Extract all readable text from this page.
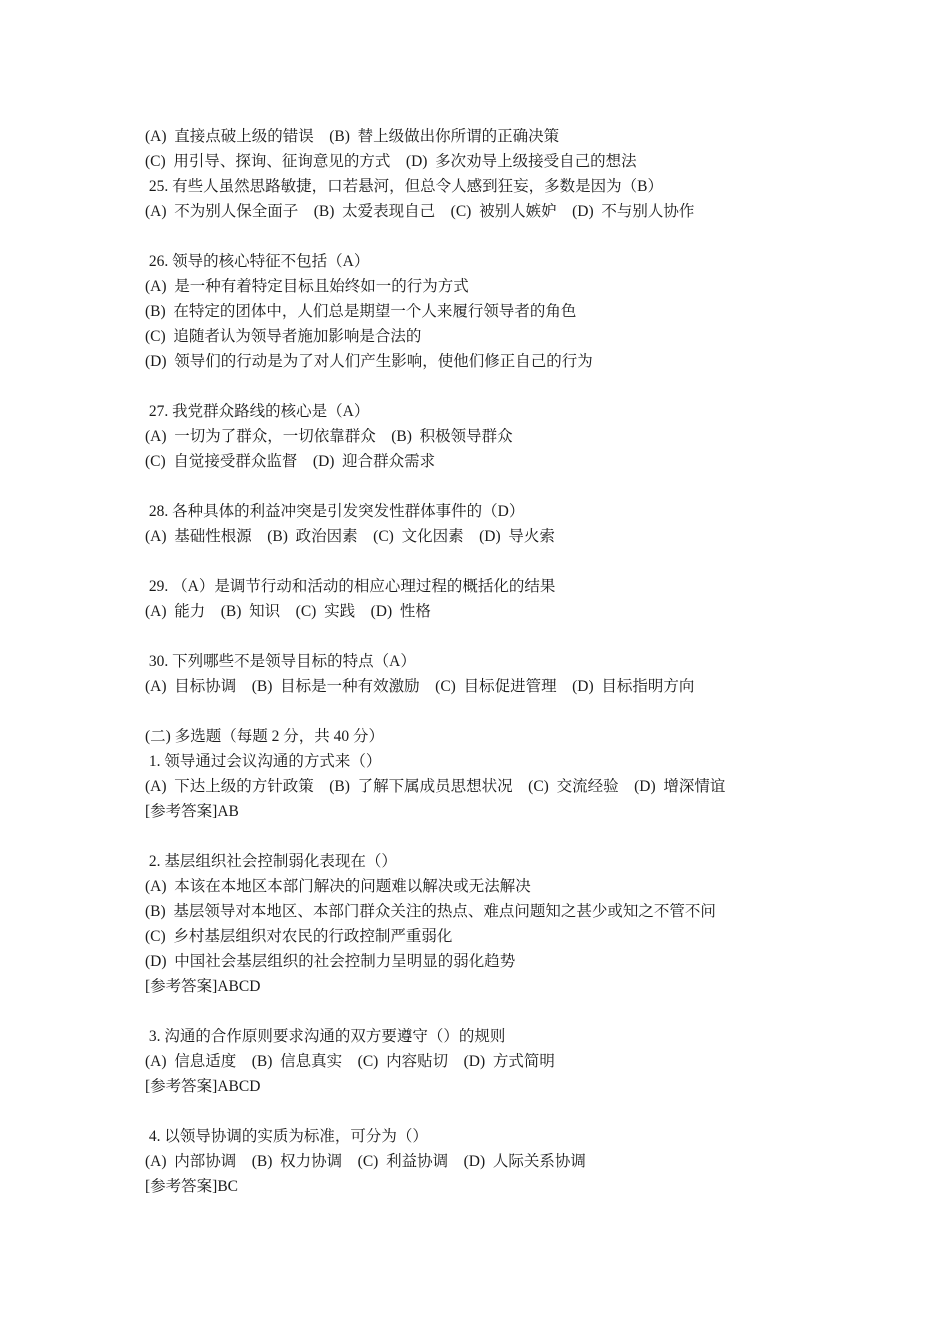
(A)  直接点破上级的错误    (B)  替上级做出你所谓的正确决策
(C)  用引导、探询、征询意见的方式    (D)  多次劝导上级接受自己的想法
25. 有些人虽然思路敏捷，口若悬河，但总令人感到狂妄，多数是因为（B）
(A)  不为别人保全面子    (B)  太爱表现自己    (C)  被别人嫉妒    (D)  不与别人协作
26. 领导的核心特征不包括（A）
(A)  是一种有着特定目标且始终如一的行为方式
(B)  在特定的团体中，人们总是期望一个人来履行领导者的角色
(C)  追随者认为领导者施加影响是合法的
(D)  领导们的行动是为了对人们产生影响，使他们修正自己的行为
27. 我党群众路线的核心是（A）
(A)  一切为了群众，一切依靠群众    (B)  积极领导群众
(C)  自觉接受群众监督    (D)  迎合群众需求
28. 各种具体的利益冲突是引发突发性群体事件的（D）
(A)  基础性根源    (B)  政治因素    (C)  文化因素    (D)  导火索
29. （A）是调节行动和活动的相应心理过程的概括化的结果
(A)  能力    (B)  知识    (C)  实践    (D)  性格
30. 下列哪些不是领导目标的特点（A）
(A)  目标协调    (B)  目标是一种有效激励    (C)  目标促进管理    (D)  目标指明方向
(二) 多选题（每题 2 分，共 40 分）
1. 领导通过会议沟通的方式来（）
(A)  下达上级的方针政策    (B)  了解下属成员思想状况    (C)  交流经验    (D)  增深情谊
[参考答案]AB
2. 基层组织社会控制弱化表现在（）
(A)  本该在本地区本部门解决的问题难以解决或无法解决
(B)  基层领导对本地区、本部门群众关注的热点、难点问题知之甚少或知之不管不问
(C)  乡村基层组织对农民的行政控制严重弱化
(D)  中国社会基层组织的社会控制力呈明显的弱化趋势
[参考答案]ABCD
3. 沟通的合作原则要求沟通的双方要遵守（）的规则
(A)  信息适度    (B)  信息真实    (C)  内容贴切    (D)  方式简明
[参考答案]ABCD
4. 以领导协调的实质为标准，可分为（）
(A)  内部协调    (B)  权力协调    (C)  利益协调    (D)  人际关系协调
[参考答案]BC
